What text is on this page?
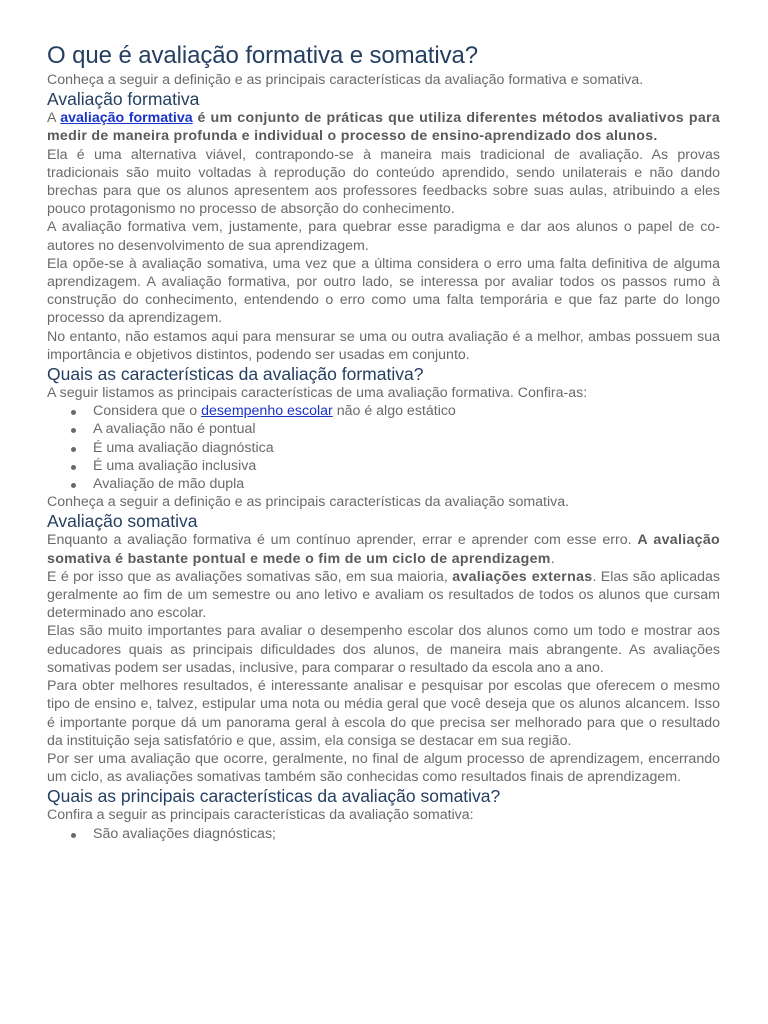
O que é avaliação formativa e somativa?

Conheça a seguir a definição e as principais características da avaliação formativa e somativa.

Avaliação formativa

A avaliação formativa é um conjunto de práticas que utiliza diferentes métodos avaliativos para medir de maneira profunda e individual o processo de ensino-aprendizado dos alunos.

Ela é uma alternativa viável, contrapondo-se à maneira mais tradicional de avaliação. As provas tradicionais são muito voltadas à reprodução do conteúdo aprendido, sendo unilaterais e não dando brechas para que os alunos apresentem aos professores feedbacks sobre suas aulas, atribuindo a eles pouco protagonismo no processo de absorção do conhecimento.

A avaliação formativa vem, justamente, para quebrar esse paradigma e dar aos alunos o papel de co-autores no desenvolvimento de sua aprendizagem.

Ela opõe-se à avaliação somativa, uma vez que a última considera o erro uma falta definitiva de alguma aprendizagem. A avaliação formativa, por outro lado, se interessa por avaliar todos os passos rumo à construção do conhecimento, entendendo o erro como uma falta temporária e que faz parte do longo processo da aprendizagem.

No entanto, não estamos aqui para mensurar se uma ou outra avaliação é a melhor, ambas possuem sua importância e objetivos distintos, podendo ser usadas em conjunto.

Quais as características da avaliação formativa?

A seguir listamos as principais características de uma avaliação formativa. Confira-as:

Considera que o desempenho escolar não é algo estático
A avaliação não é pontual
É uma avaliação diagnóstica
É uma avaliação inclusiva
Avaliação de mão dupla

Conheça a seguir a definição e as principais características da avaliação somativa.

Avaliação somativa

Enquanto a avaliação formativa é um contínuo aprender, errar e aprender com esse erro. A avaliação somativa é bastante pontual e mede o fim de um ciclo de aprendizagem.

E é por isso que as avaliações somativas são, em sua maioria, avaliações externas. Elas são aplicadas geralmente ao fim de um semestre ou ano letivo e avaliam os resultados de todos os alunos que cursam determinado ano escolar.

Elas são muito importantes para avaliar o desempenho escolar dos alunos como um todo e mostrar aos educadores quais as principais dificuldades dos alunos, de maneira mais abrangente. As avaliações somativas podem ser usadas, inclusive, para comparar o resultado da escola ano a ano.

Para obter melhores resultados, é interessante analisar e pesquisar por escolas que oferecem o mesmo tipo de ensino e, talvez, estipular uma nota ou média geral que você deseja que os alunos alcancem. Isso é importante porque dá um panorama geral à escola do que precisa ser melhorado para que o resultado da instituição seja satisfatório e que, assim, ela consiga se destacar em sua região.

Por ser uma avaliação que ocorre, geralmente, no final de algum processo de aprendizagem, encerrando um ciclo, as avaliações somativas também são conhecidas como resultados finais de aprendizagem.

Quais as principais características da avaliação somativa?

Confira a seguir as principais características da avaliação somativa:

São avaliações diagnósticas;
